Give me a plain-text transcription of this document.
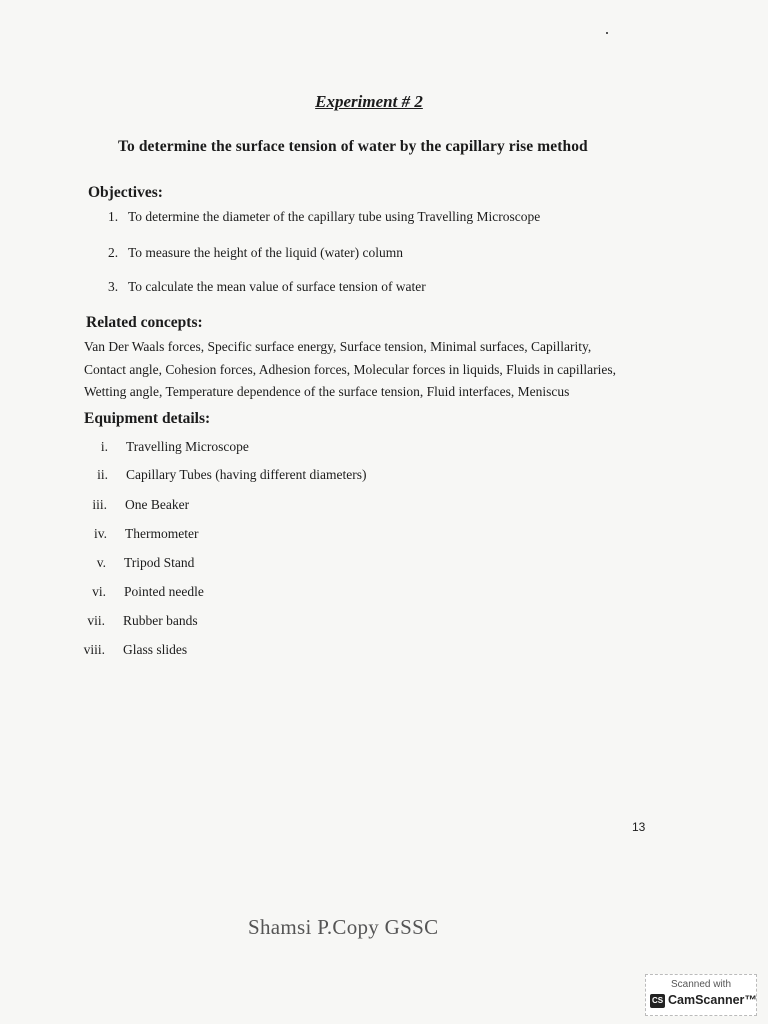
Experiment # 2
To determine the surface tension of water by the capillary rise method
Objectives:
1. To determine the diameter of the capillary tube using Travelling Microscope
2. To measure the height of the liquid (water) column
3. To calculate the mean value of surface tension of water
Related concepts:
Van Der Waals forces, Specific surface energy, Surface tension, Minimal surfaces, Capillarity,
Contact angle, Cohesion forces, Adhesion forces, Molecular forces in liquids, Fluids in capillaries,
Wetting angle, Temperature dependence of the surface tension, Fluid interfaces, Meniscus
Equipment details:
i. Travelling Microscope
ii. Capillary Tubes (having different diameters)
iii. One Beaker
iv. Thermometer
v. Tripod Stand
vi. Pointed needle
vii. Rubber bands
viii. Glass slides
13
Shamsi P.Copy GSSC
Scanned with
CS CamScanner™
